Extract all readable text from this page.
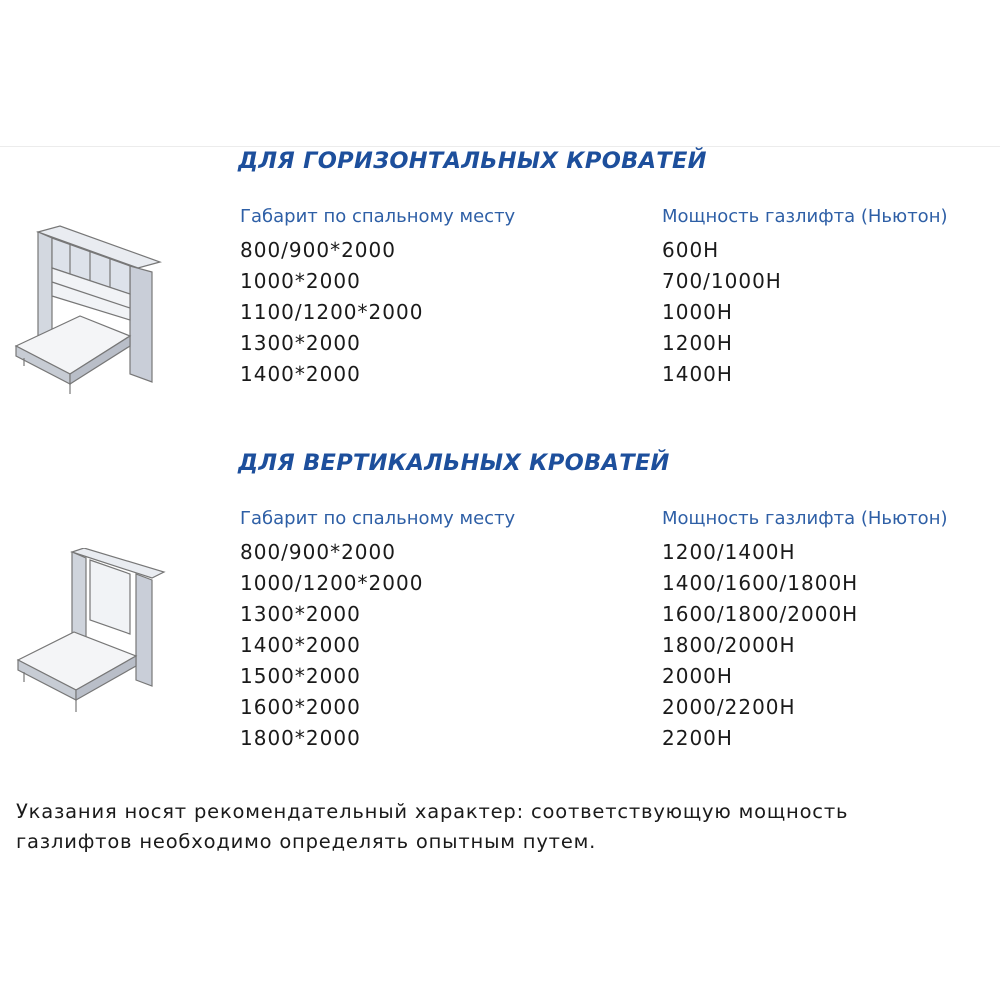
ДЛЯ ГОРИЗОНТАЛЬНЫХ КРОВАТЕЙ
Габарит по спальному месту	Мощность газлифта (Ньютон)
800/900*2000	600Н
1000*2000	700/1000Н
1100/1200*2000	1000Н
1300*2000	1200Н
1400*2000	1400Н
ДЛЯ ВЕРТИКАЛЬНЫХ КРОВАТЕЙ
Габарит по спальному месту	Мощность газлифта (Ньютон)
800/900*2000	1200/1400Н
1000/1200*2000	1400/1600/1800Н
1300*2000	1600/1800/2000Н
1400*2000	1800/2000Н
1500*2000	2000Н
1600*2000	2000/2200Н
1800*2000	2200Н
Указания носят рекомендательный характер: соответствующую мощность
газлифтов необходимо определять опытным путем.
